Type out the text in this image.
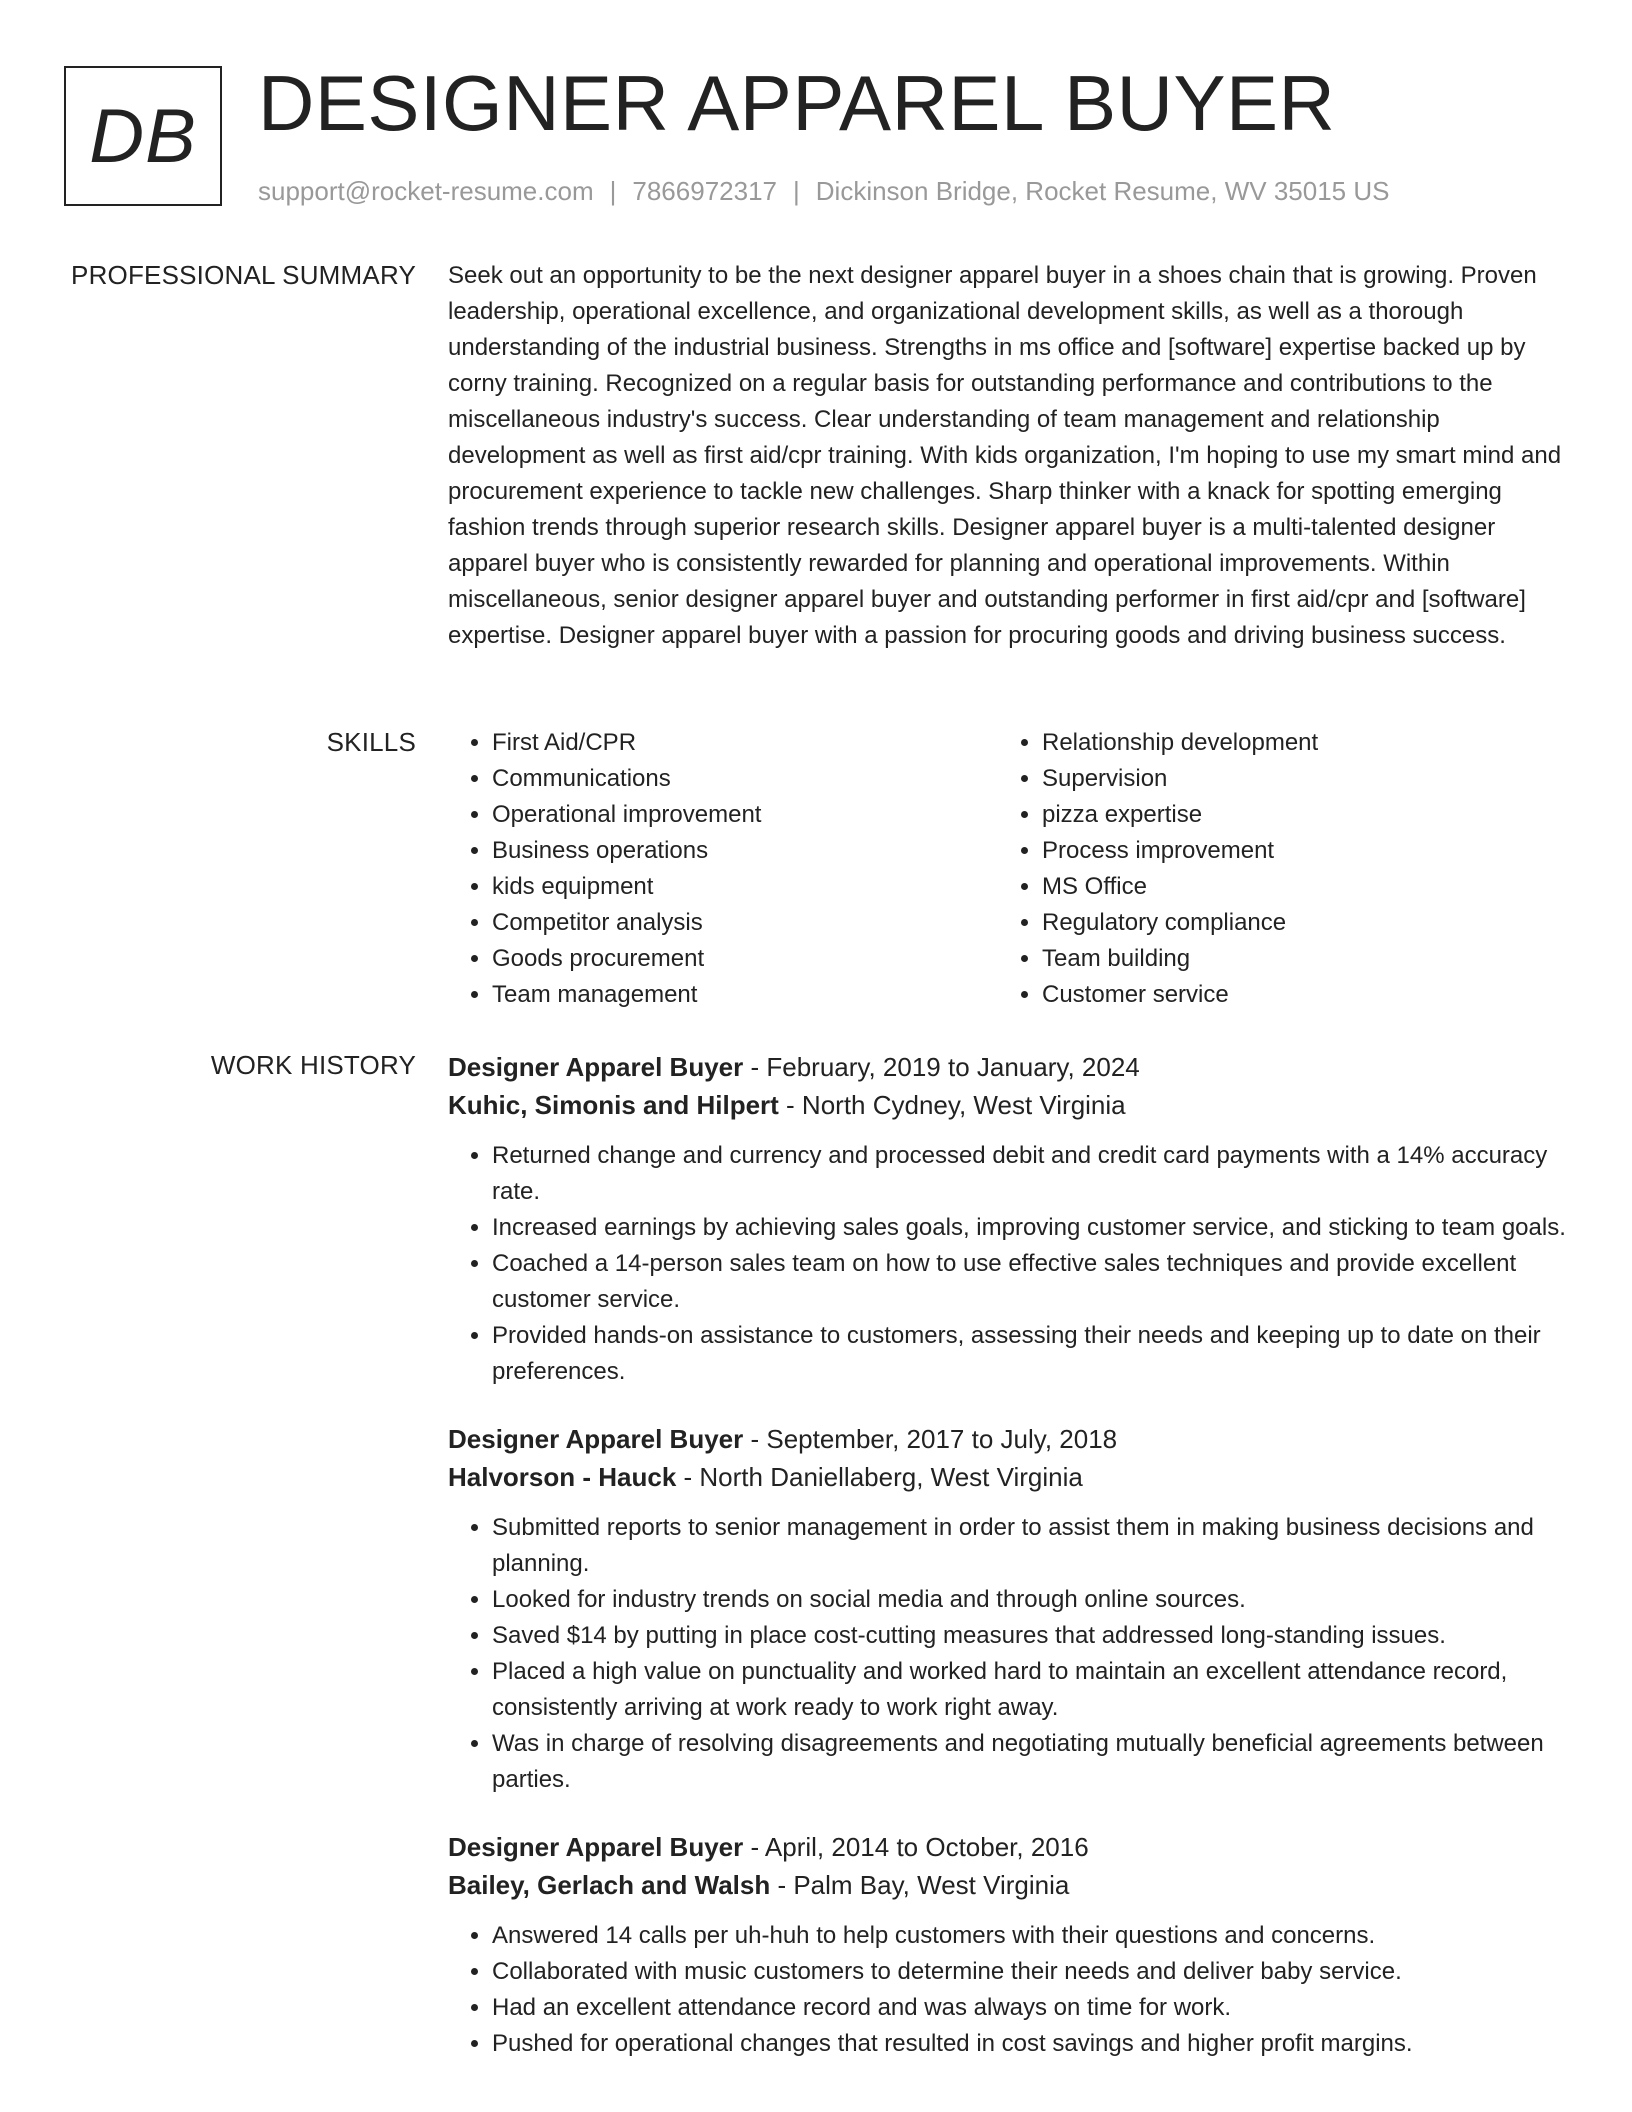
DB DESIGNER APPAREL BUYER
support@rocket-resume.com | 7866972317 | Dickinson Bridge, Rocket Resume, WV 35015 US
PROFESSIONAL SUMMARY Seek out an opportunity to be the next designer apparel buyer in a shoes chain that is growing. Proven leadership, operational excellence, and organizational development skills, as well as a thorough understanding of the industrial business. Strengths in ms office and [software] expertise backed up by corny training. Recognized on a regular basis for outstanding performance and contributions to the miscellaneous industry's success. Clear understanding of team management and relationship development as well as first aid/cpr training. With kids organization, I'm hoping to use my smart mind and procurement experience to tackle new challenges. Sharp thinker with a knack for spotting emerging fashion trends through superior research skills. Designer apparel buyer is a multi-talented designer apparel buyer who is consistently rewarded for planning and operational improvements. Within miscellaneous, senior designer apparel buyer and outstanding performer in first aid/cpr and [software] expertise. Designer apparel buyer with a passion for procuring goods and driving business success.

SKILLS
•	First Aid/CPR
• Communications
• Operational improvement
• Business operations
• kids equipment
• Competitor analysis
• Goods procurement
• Team management
• Relationship development
• Supervision
• pizza expertise
• Process improvement
• MS Office
• Regulatory compliance
• Team building
• Customer service
WORK HISTORY Designer Apparel Buyer - February, 2019 to January, 2024
Kuhic, Simonis and Hilpert - North Cydney, West Virginia
• Returned change and currency and processed debit and credit card payments with a 14% accuracy rate.
• Increased earnings by achieving sales goals, improving customer service, and sticking to team goals.
• Coached a 14-person sales team on how to use effective sales techniques and provide excellent customer service.
• Provided hands-on assistance to customers, assessing their needs and keeping up to date on their preferences.
Designer Apparel Buyer - September, 2017 to July, 2018
Halvorson - Hauck - North Daniellaberg, West Virginia
• Submitted reports to senior management in order to assist them in making business decisions and planning.
• Looked for industry trends on social media and through online sources.
• Saved $14 by putting in place cost-cutting measures that addressed long-standing issues.
• Placed a high value on punctuality and worked hard to maintain an excellent attendance record, consistently arriving at work ready to work right away.
• Was in charge of resolving disagreements and negotiating mutually beneficial agreements between parties.
Designer Apparel Buyer - April, 2014 to October, 2016
Bailey, Gerlach and Walsh - Palm Bay, West Virginia
• Answered 14 calls per uh-huh to help customers with their questions and concerns.
• Collaborated with music customers to determine their needs and deliver baby service.
• Had an excellent attendance record and was always on time for work.
• Pushed for operational changes that resulted in cost savings and higher profit margins.
